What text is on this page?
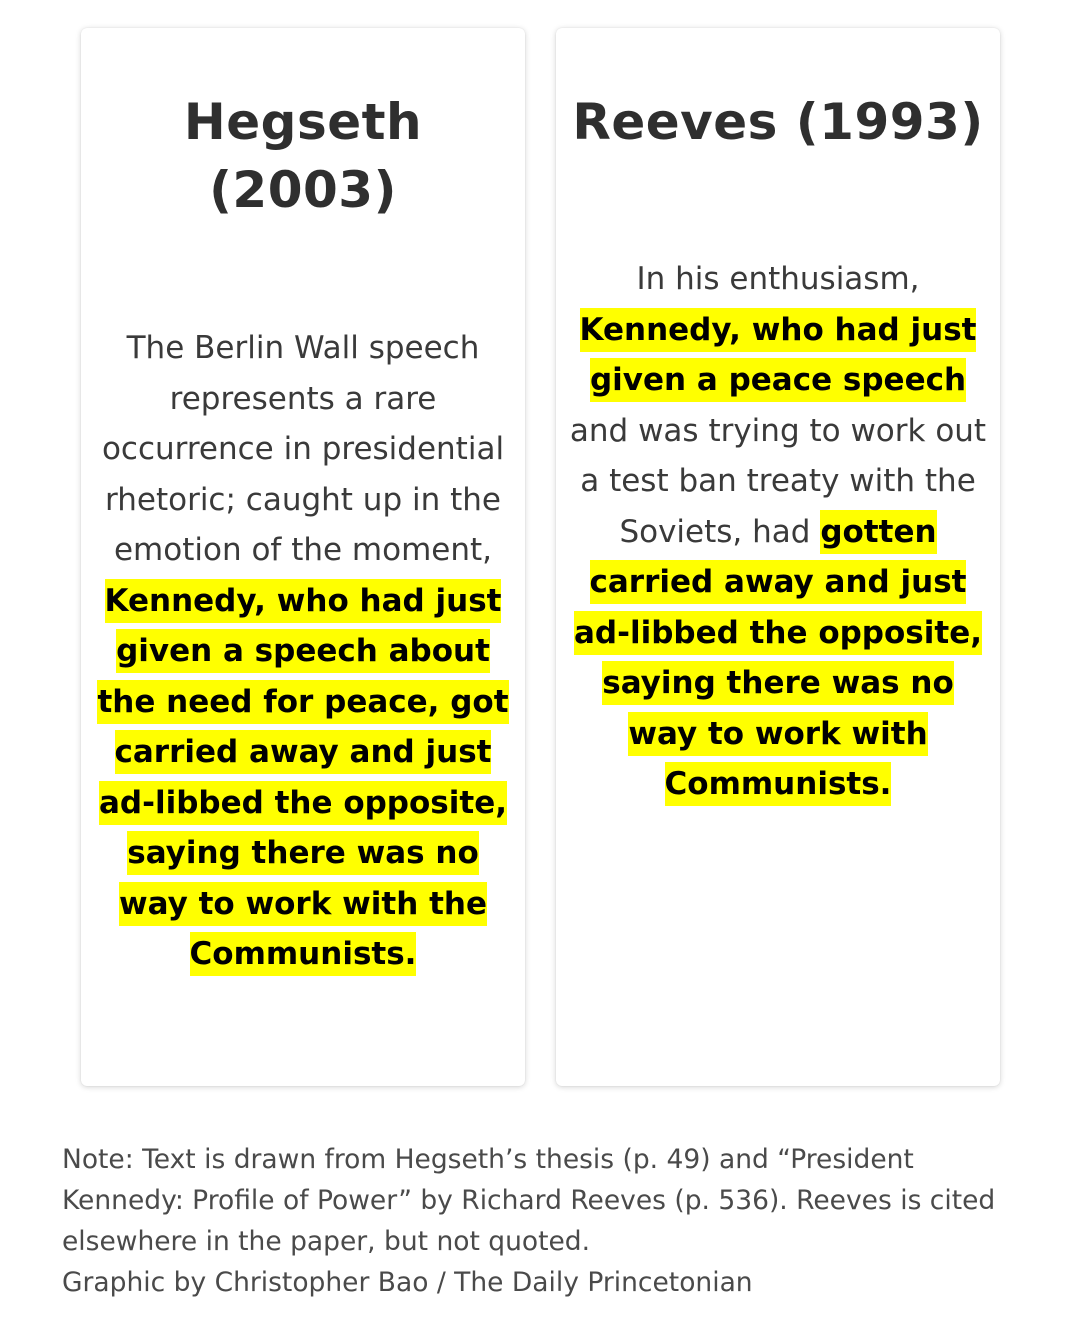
Hegseth (2003)

The Berlin Wall speech represents a rare occurrence in presidential rhetoric; caught up in the emotion of the moment, Kennedy, who had just given a speech about the need for peace, got carried away and just ad-libbed the opposite, saying there was no way to work with the Communists.

Reeves (1993)

In his enthusiasm, Kennedy, who had just given a peace speech and was trying to work out a test ban treaty with the Soviets, had gotten carried away and just ad-libbed the opposite, saying there was no way to work with Communists.

Note: Text is drawn from Hegseth’s thesis (p. 49) and “President Kennedy: Profile of Power” by Richard Reeves (p. 536). Reeves is cited elsewhere in the paper, but not quoted.

Graphic by Christopher Bao / The Daily Princetonian
